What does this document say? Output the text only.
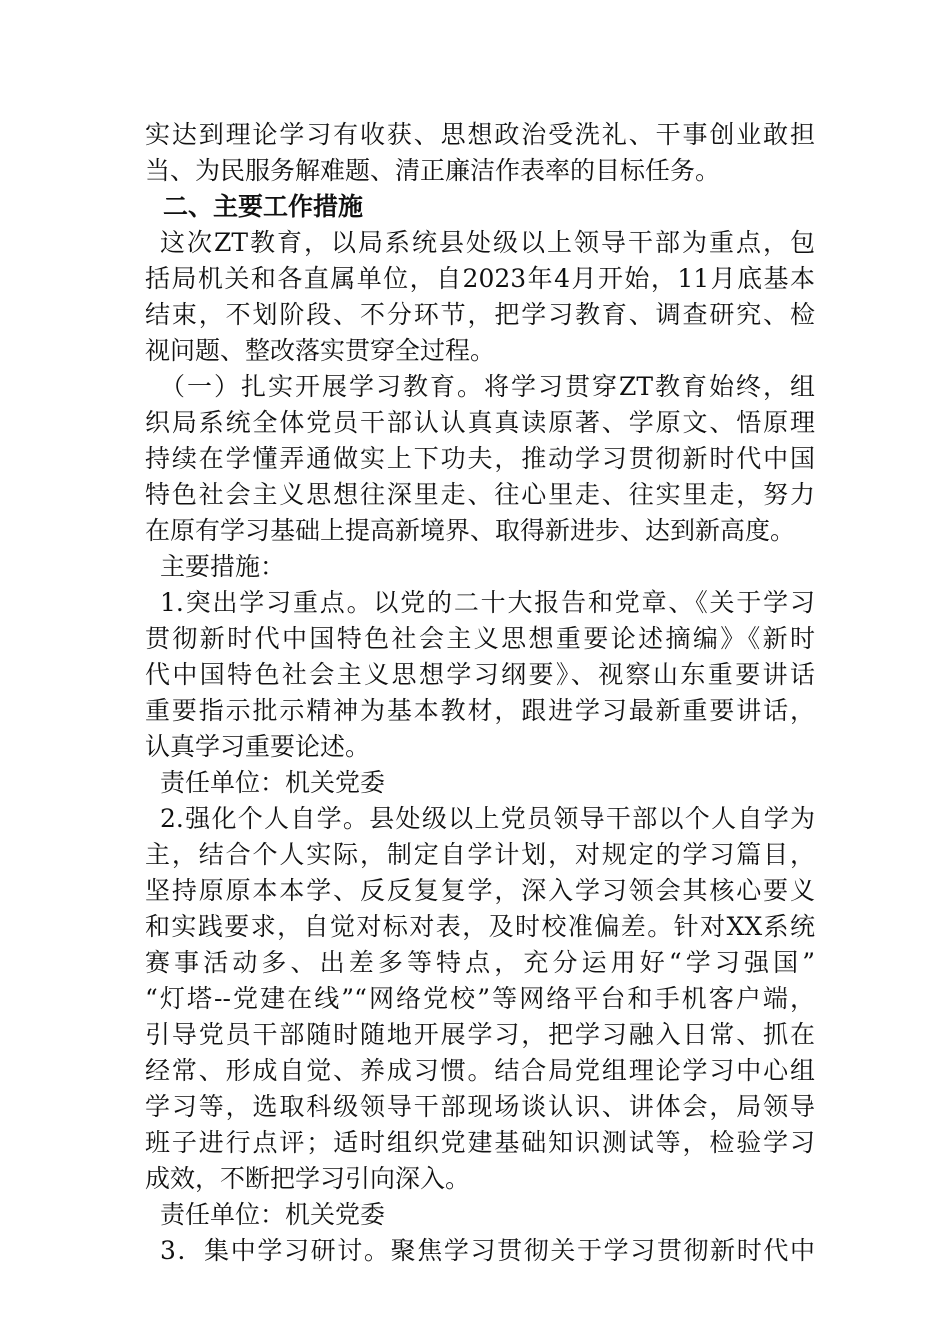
实达到理论学习有收获、思想政治受洗礼、干事创业敢担
当、为民服务解难题、清正廉洁作表率的目标任务。
二、主要工作措施
这次ZT教育，以局系统县处级以上领导干部为重点，包
括局机关和各直属单位，自2023年4月开始，11月底基本
结束，不划阶段、不分环节，把学习教育、调查研究、检
视问题、整改落实贯穿全过程。
（一）扎实开展学习教育。将学习贯穿ZT教育始终，组
织局系统全体党员干部认认真真读原著、学原文、悟原理
持续在学懂弄通做实上下功夫，推动学习贯彻新时代中国
特色社会主义思想往深里走、往心里走、往实里走，努力
在原有学习基础上提高新境界、取得新进步、达到新高度。
主要措施：
1.突出学习重点。以党的二十大报告和党章、《关于学习
贯彻新时代中国特色社会主义思想重要论述摘编》《新时
代中国特色社会主义思想学习纲要》、视察山东重要讲话
重要指示批示精神为基本教材，跟进学习最新重要讲话，
认真学习重要论述。
责任单位：机关党委
2.强化个人自学。县处级以上党员领导干部以个人自学为
主，结合个人实际，制定自学计划，对规定的学习篇目，
坚持原原本本学、反反复复学，深入学习领会其核心要义
和实践要求，自觉对标对表，及时校准偏差。针对XX系统
赛事活动多、出差多等特点，充分运用好“学习强国”
“灯塔--党建在线”“网络党校”等网络平台和手机客户端，
引导党员干部随时随地开展学习，把学习融入日常、抓在
经常、形成自觉、养成习惯。结合局党组理论学习中心组
学习等，选取科级领导干部现场谈认识、讲体会，局领导
班子进行点评；适时组织党建基础知识测试等，检验学习
成效，不断把学习引向深入。
责任单位：机关党委
3．集中学习研讨。聚焦学习贯彻关于学习贯彻新时代中
